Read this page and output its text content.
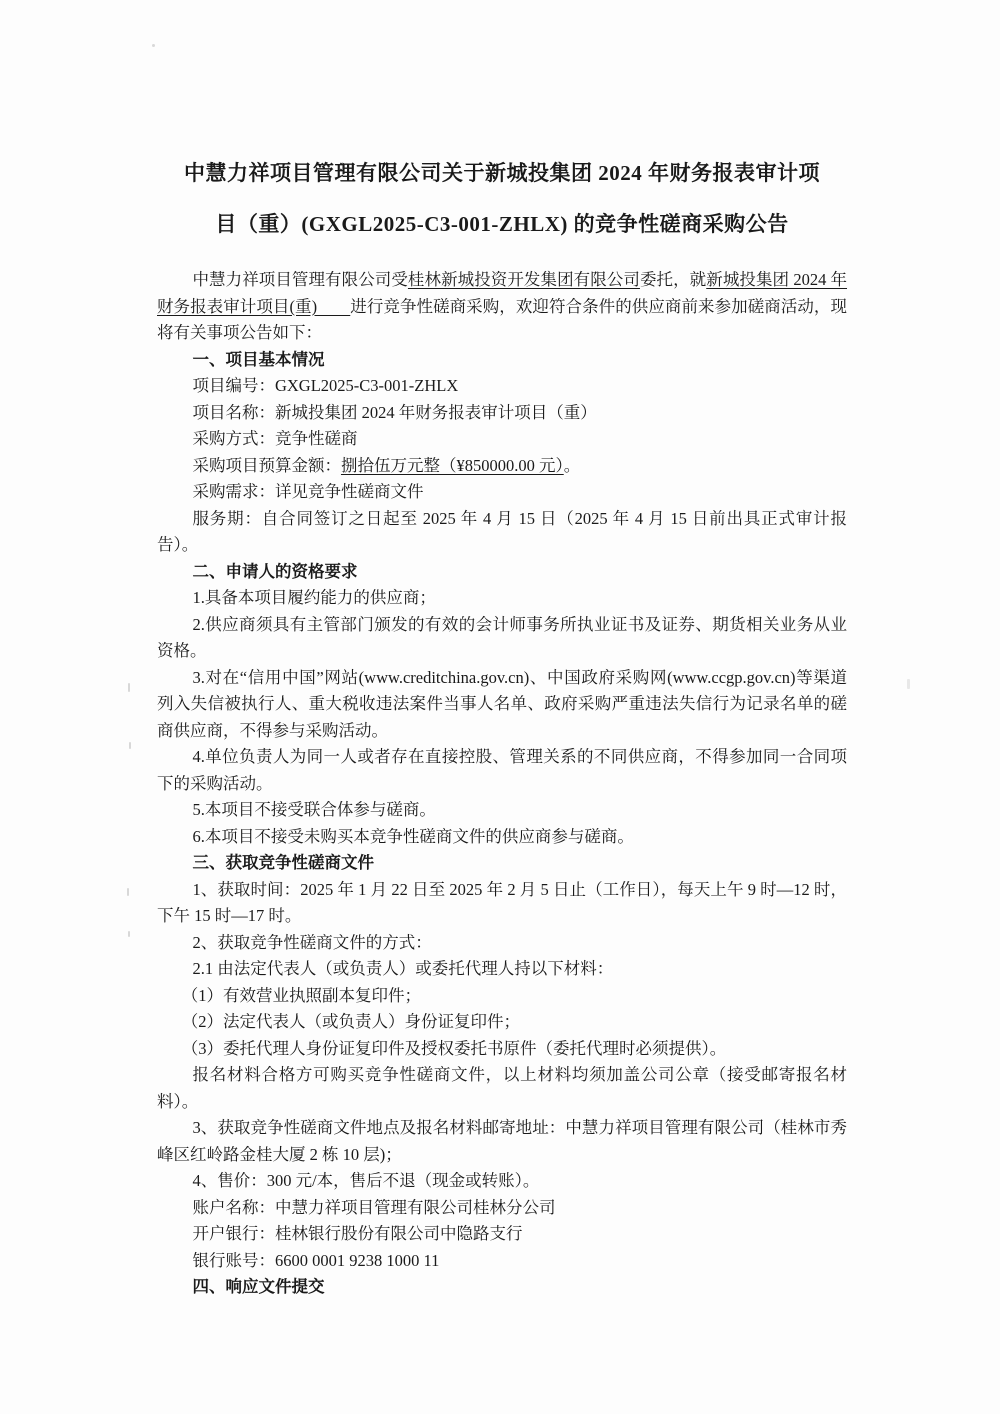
中慧力祥项目管理有限公司关于新城投集团 2024 年财务报表审计项
目（重）(GXGL2025-C3-001-ZHLX) 的竞争性磋商采购公告

中慧力祥项目管理有限公司受桂林新城投资开发集团有限公司委托，就新城投集团 2024 年财务报表审计项目(重)　　进行竞争性磋商采购，欢迎符合条件的供应商前来参加磋商活动，现将有关事项公告如下：

一、项目基本情况

项目编号：GXGL2025-C3-001-ZHLX

项目名称：新城投集团 2024 年财务报表审计项目（重）

采购方式：竞争性磋商

采购项目预算金额：捌拾伍万元整（¥850000.00 元）。

采购需求：详见竞争性磋商文件

服务期：自合同签订之日起至 2025 年 4 月 15 日（2025 年 4 月 15 日前出具正式审计报告）。

二、申请人的资格要求

1.具备本项目履约能力的供应商；

2.供应商须具有主管部门颁发的有效的会计师事务所执业证书及证券、期货相关业务从业资格。

3.对在“信用中国”网站(www.creditchina.gov.cn)、中国政府采购网(www.ccgp.gov.cn)等渠道列入失信被执行人、重大税收违法案件当事人名单、政府采购严重违法失信行为记录名单的磋商供应商，不得参与采购活动。

4.单位负责人为同一人或者存在直接控股、管理关系的不同供应商，不得参加同一合同项下的采购活动。

5.本项目不接受联合体参与磋商。

6.本项目不接受未购买本竞争性磋商文件的供应商参与磋商。

三、获取竞争性磋商文件

1、获取时间：2025 年 1 月 22 日至 2025 年 2 月 5 日止（工作日），每天上午 9 时—12 时，下午 15 时—17 时。

2、获取竞争性磋商文件的方式：

2.1 由法定代表人（或负责人）或委托代理人持以下材料：

（1）有效营业执照副本复印件；

（2）法定代表人（或负责人）身份证复印件；

（3）委托代理人身份证复印件及授权委托书原件（委托代理时必须提供）。

报名材料合格方可购买竞争性磋商文件，以上材料均须加盖公司公章（接受邮寄报名材料）。

3、获取竞争性磋商文件地点及报名材料邮寄地址：中慧力祥项目管理有限公司（桂林市秀峰区红岭路金桂大厦 2 栋 10 层)；

4、售价：300 元/本，售后不退（现金或转账）。

账户名称：中慧力祥项目管理有限公司桂林分公司

开户银行：桂林银行股份有限公司中隐路支行

银行账号：6600 0001 9238 1000 11

四、响应文件提交
